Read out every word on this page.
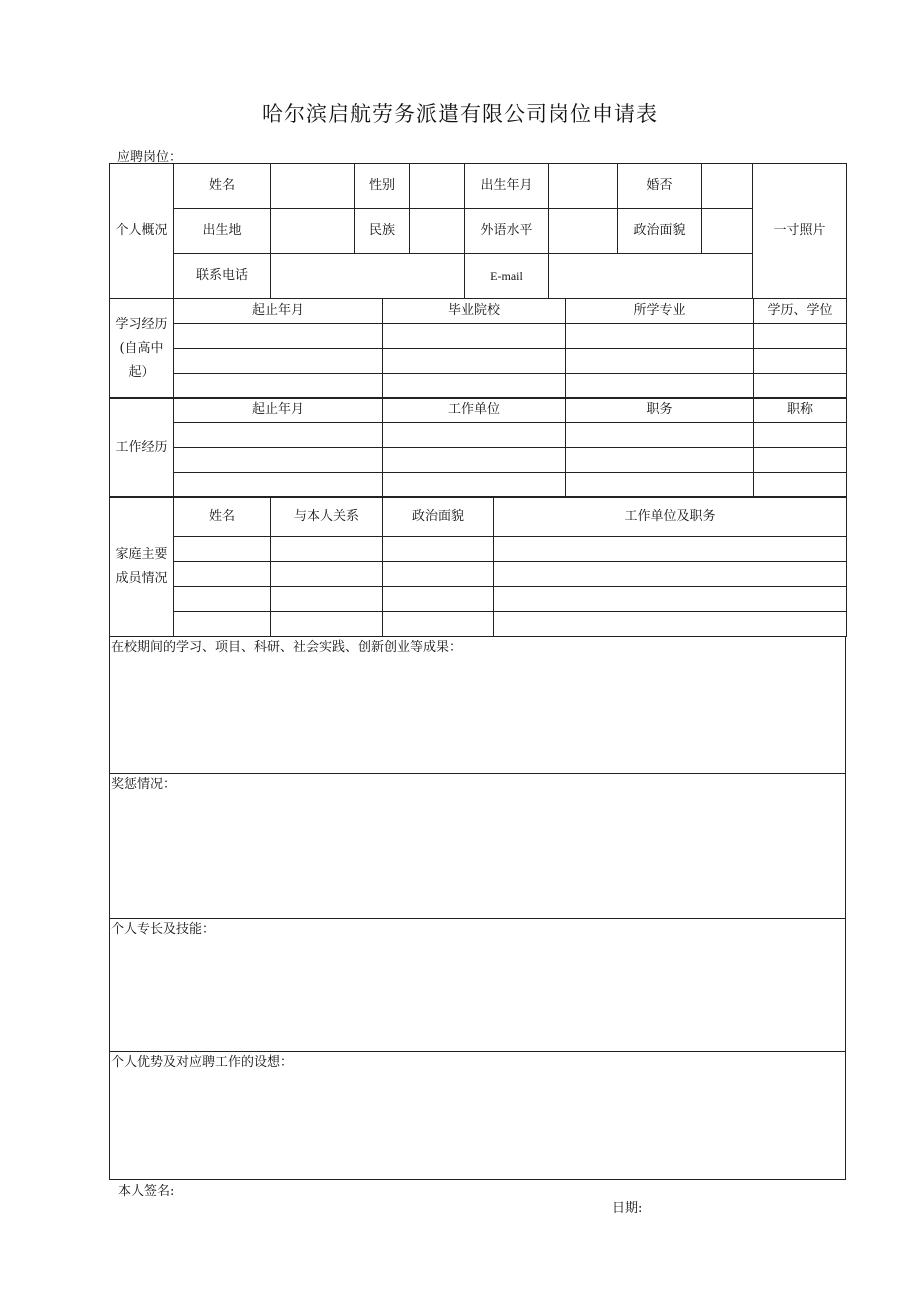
哈尔滨启航劳务派遣有限公司岗位申请表
应聘岗位：
个人概况	姓名		性别		出生年月		婚否		一寸照片
	出生地		民族		外语水平		政治面貌		
	联系电话				E-mail				
学习经历(自高中起）	起止年月	毕业院校	所学专业	学历、学位

工作经历	起止年月	工作单位	职务	职称

家庭主要成员情况	姓名	与本人关系	政治面貌	工作单位及职务

在校期间的学习、项目、科研、社会实践、创新创业等成果：
奖惩情况：
个人专长及技能：
个人优势及对应聘工作的设想：
本人签名:
日期:
